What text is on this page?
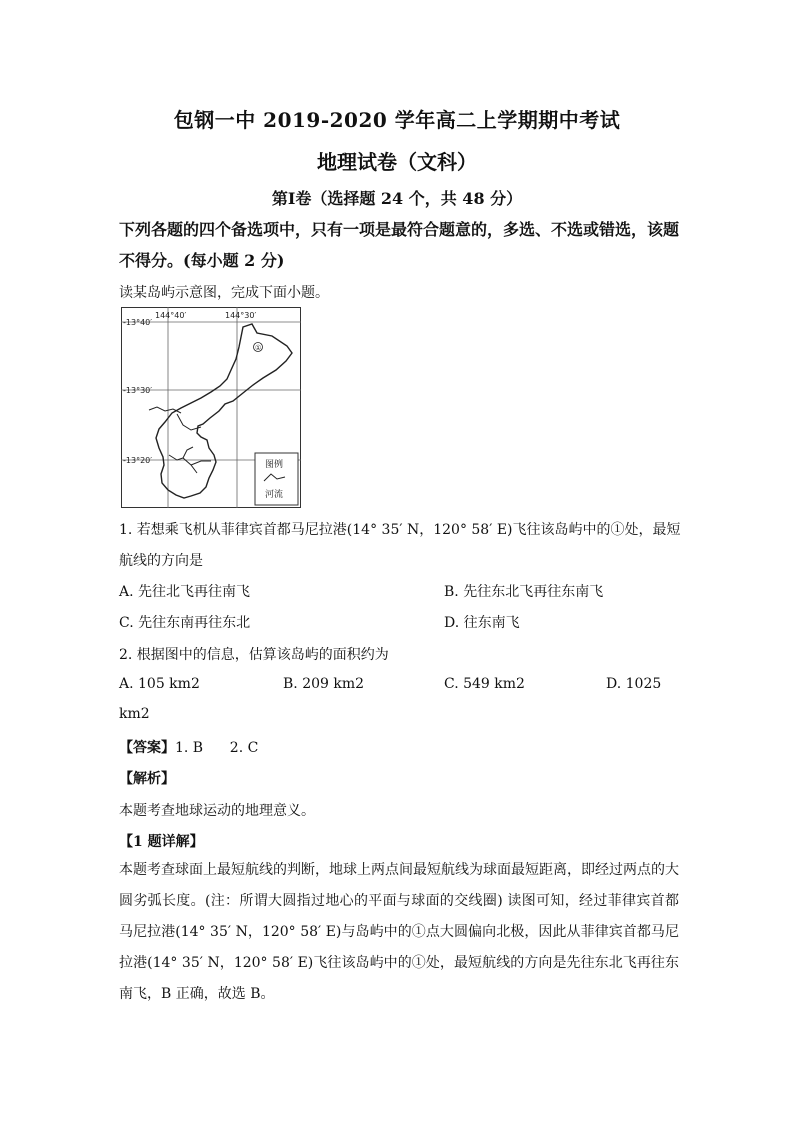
包钢一中 2019-2020 学年高二上学期期中考试
地理试卷（文科）
第Ⅰ卷（选择题 24 个，共 48 分）
下列各题的四个备选项中，只有一项是最符合题意的，多选、不选或错选，该题不得分。(每小题 2 分)
读某岛屿示意图，完成下面小题。
-13°40′
-13°30′
-13°20′
144°40′	144°30′
①
图例
河流
1. 若想乘飞机从菲律宾首都马尼拉港(14° 35′ N，120° 58′ E)飞往该岛屿中的①处，最短
航线的方向是
A. 先往北飞再往南飞	B. 先往东北飞再往东南飞
C. 先往东南再往东北	D. 往东南飞
2. 根据图中的信息，估算该岛屿的面积约为
A. 105 km2	B. 209 km2	C. 549 km2	D. 1025
km2
【答案】1. B      2. C
【解析】
本题考查地球运动的地理意义。
【1 题详解】
本题考查球面上最短航线的判断，地球上两点间最短航线为球面最短距离，即经过两点的大圆劣弧长度。(注：所谓大圆指过地心的平面与球面的交线圈) 读图可知，经过菲律宾首都马尼拉港(14° 35′ N，120° 58′ E)与岛屿中的①点大圆偏向北极，因此从菲律宾首都马尼拉港(14° 35′ N，120° 58′ E)飞往该岛屿中的①处，最短航线的方向是先往东北飞再往东南飞，B 正确，故选 B。
